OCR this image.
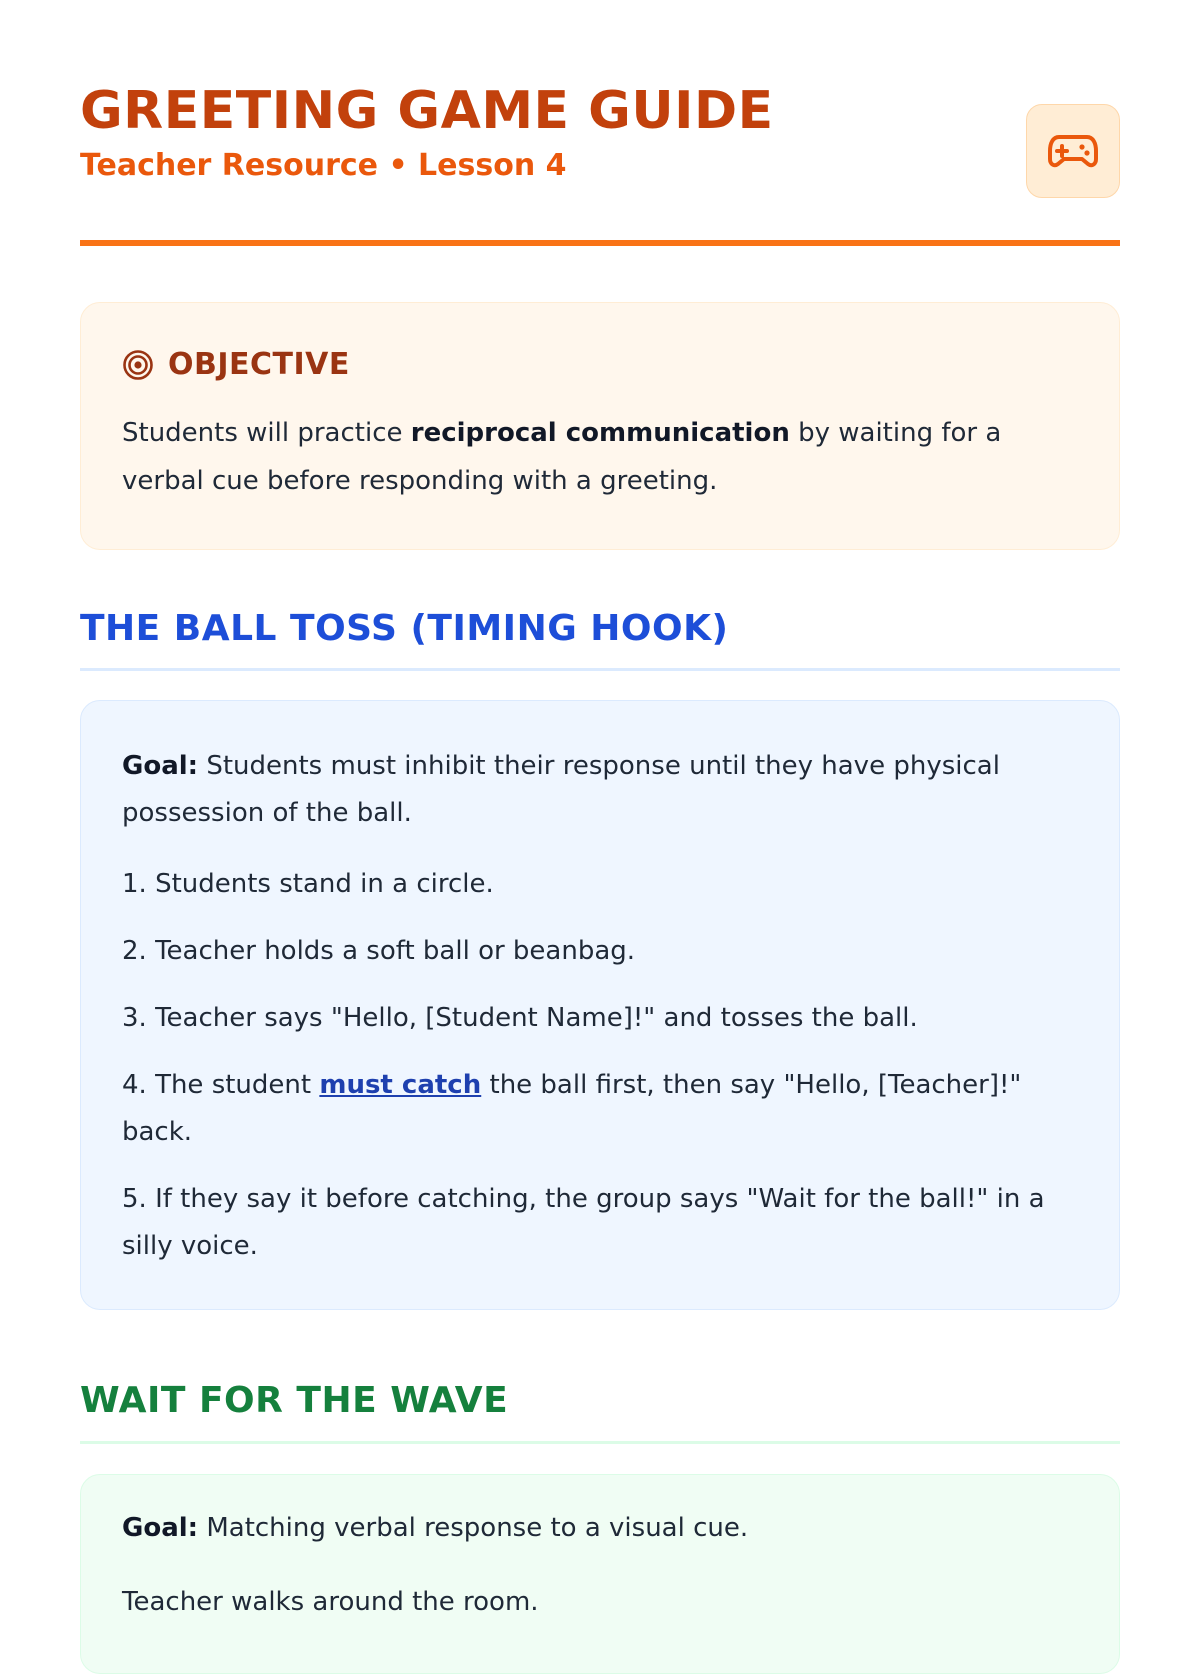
GREETING GAME GUIDE
Teacher Resource • Lesson 4
OBJECTIVE
Students will practice reciprocal communication by waiting for a verbal cue before responding with a greeting.
THE BALL TOSS (TIMING HOOK)
Goal: Students must inhibit their response until they have physical possession of the ball.
1. Students stand in a circle.
2. Teacher holds a soft ball or beanbag.
3. Teacher says "Hello, [Student Name]!" and tosses the ball.
4. The student must catch the ball first, then say "Hello, [Teacher]!" back.
5. If they say it before catching, the group says "Wait for the ball!" in a silly voice.
WAIT FOR THE WAVE
Goal: Matching verbal response to a visual cue.
Teacher walks around the room.
